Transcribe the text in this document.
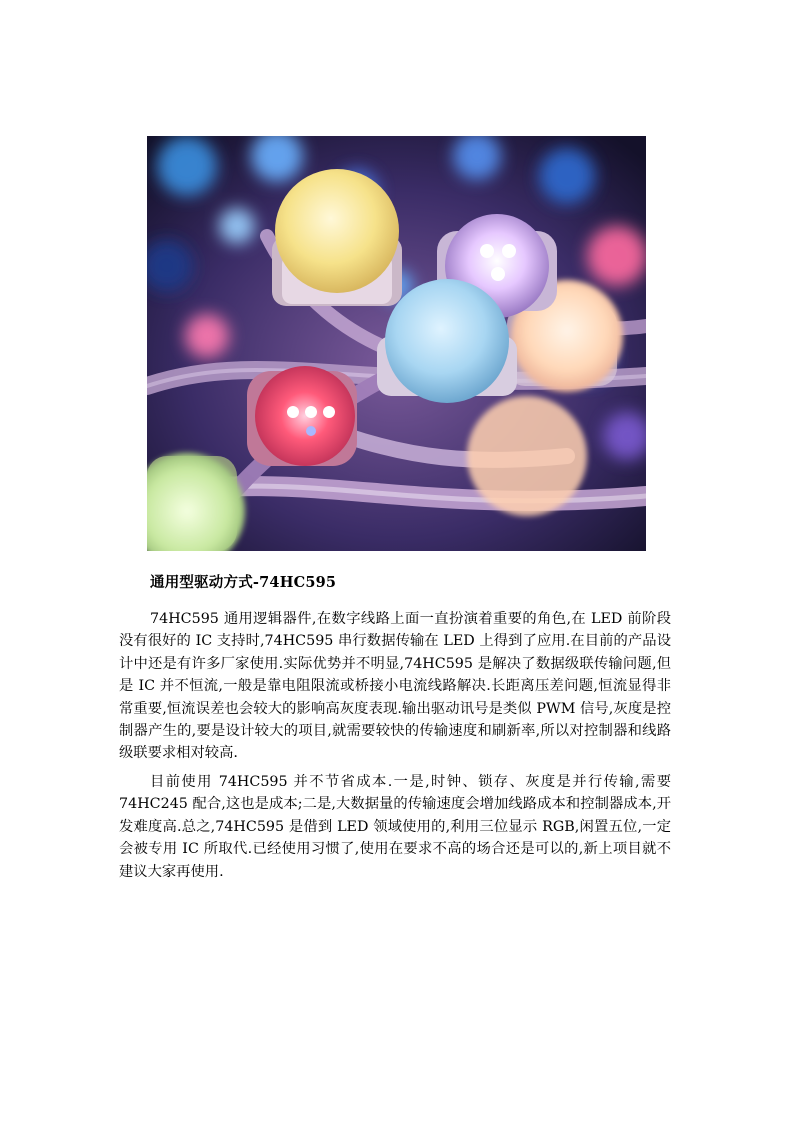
通用型驱动方式-74HC595

74HC595 通用逻辑器件,在数字线路上面一直扮演着重要的角色,在 LED 前阶段没有很好的 IC 支持时,74HC595 串行数据传输在 LED 上得到了应用.在目前的产品设计中还是有许多厂家使用.实际优势并不明显,74HC595 是解决了数据级联传输问题,但是 IC 并不恒流,一般是靠电阻限流或桥接小电流线路解决.长距离压差问题,恒流显得非常重要,恒流误差也会较大的影响高灰度表现.输出驱动讯号是类似 PWM 信号,灰度是控制器产生的,要是设计较大的项目,就需要较快的传输速度和刷新率,所以对控制器和线路级联要求相对较高.

目前使用 74HC595 并不节省成本.一是,时钟、锁存、灰度是并行传输,需要74HC245 配合,这也是成本;二是,大数据量的传输速度会增加线路成本和控制器成本,开发难度高.总之,74HC595 是借到 LED 领域使用的,利用三位显示 RGB,闲置五位,一定会被专用 IC 所取代.已经使用习惯了,使用在要求不高的场合还是可以的,新上项目就不建议大家再使用.
